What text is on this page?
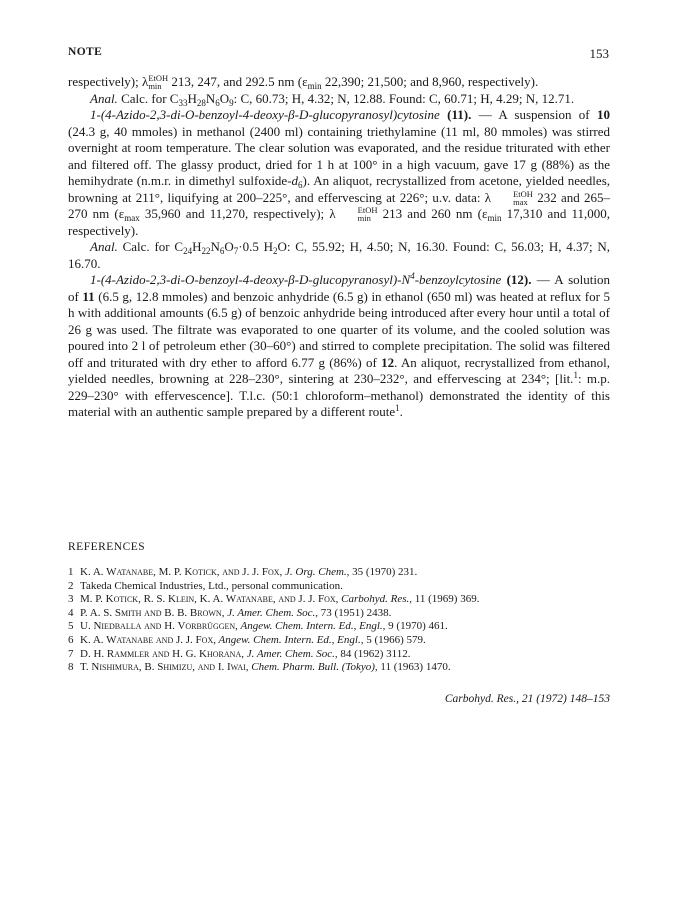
NOTE	153

respectively); λ EtOH
min 213, 247, and 292.5 nm ($\varepsilon_{min}$ 22,390; 21,500; and 8,960, respectively).

Anal. Calc. for $C_{33}H_{28}N_6O_9$: C, 60.73; H, 4.32; N, 12.88. Found: C, 60.71; H, 4.29; N, 12.71.

1-(4-Azido-2,3-di-O-benzoyl-4-deoxy-β-D-glucopyranosyl)cytosine (11). — A suspension of 10 (24.3 g, 40 mmoles) in methanol (2400 ml) containing triethylamine (11 ml, 80 mmoles) was stirred overnight at room temperature. The clear solution was evaporated, and the residue triturated with ether and filtered off. The glassy product, dried for 1 h at 100° in a high vacuum, gave 17 g (88%) as the hemihydrate (n.m.r. in dimethyl sulfoxide-$d_6$). An aliquot, recrystallized from acetone, yielded needles, browning at 211°, liquifying at 200–225°, and effervescing at 226°; u.v. data: λ	EtOH
max 232 and 265–270 nm ($\varepsilon_{max}$ 35,960 and 11,270, respectively); λ	EtOH
min 213 and 260 nm ($\varepsilon_{min}$ 17,310 and 11,000, respectively).

Anal. Calc. for $C_{24}H_{22}N_6O_7\cdot 0.5$ $H_2O$: C, 55.92; H, 4.50; N, 16.30. Found: C, 56.03; H, 4.37; N, 16.70.

$1-(4-Azido-2,3-di-O-benzoyl-4-deoxy-\beta-D-glucopyranosyl)-N^4$-benzoylcytosine (12). — A solution of 11 (6.5 g, 12.8 mmoles) and benzoic anhydride (6.5 g) in ethanol (650 ml) was heated at reflux for 5 h with additional amounts (6.5 g) of benzoic anhydride being introduced after every hour until a total of 26 g was used. The filtrate was evaporated to one quarter of its volume, and the cooled solution was poured into 2 l of petroleum ether (30–60°) and stirred to complete precipitation. The solid was filtered off and triturated with dry ether to afford 6.77 g (86%) of 12. An aliquot, recrystallized from ethanol, yielded needles, browning at 228–230°, sintering at 230–232°, and effervescing at 234°; [lit.$^1$: m.p. 229–230° with effervescence]. T.l.c. (50:1 chloroform–methanol) demonstrated the identity of this material with an authentic sample prepared by a different route$^1$.

REFERENCES
1 K. A. Watanabe, M. P. Kotick, and J. J. Fox, J. Org. Chem., 35 (1970) 231.
2 Takeda Chemical Industries, Ltd., personal communication.
3 M. P. Kotick, R. S. Klein, K. A. Watanabe, and J. J. Fox, Carbohyd. Res., 11 (1969) 369.
4 P. A. S. Smith and B. B. Brown, J. Amer. Chem. Soc., 73 (1951) 2438.
5 U. Niedballa and H. Vorbrüggen, Angew. Chem. Intern. Ed., Engl., 9 (1970) 461.
6 K. A. Watanabe and J. J. Fox, Angew. Chem. Intern. Ed., Engl., 5 (1966) 579.
7 D. H. Rammler and H. G. Khorana, J. Amer. Chem. Soc., 84 (1962) 3112.
8 T. Nishimura, B. Shimizu, and I. Iwai, Chem. Pharm. Bull. (Tokyo), 11 (1963) 1470.
Carbohyd. Res., 21 (1972) 148–153
